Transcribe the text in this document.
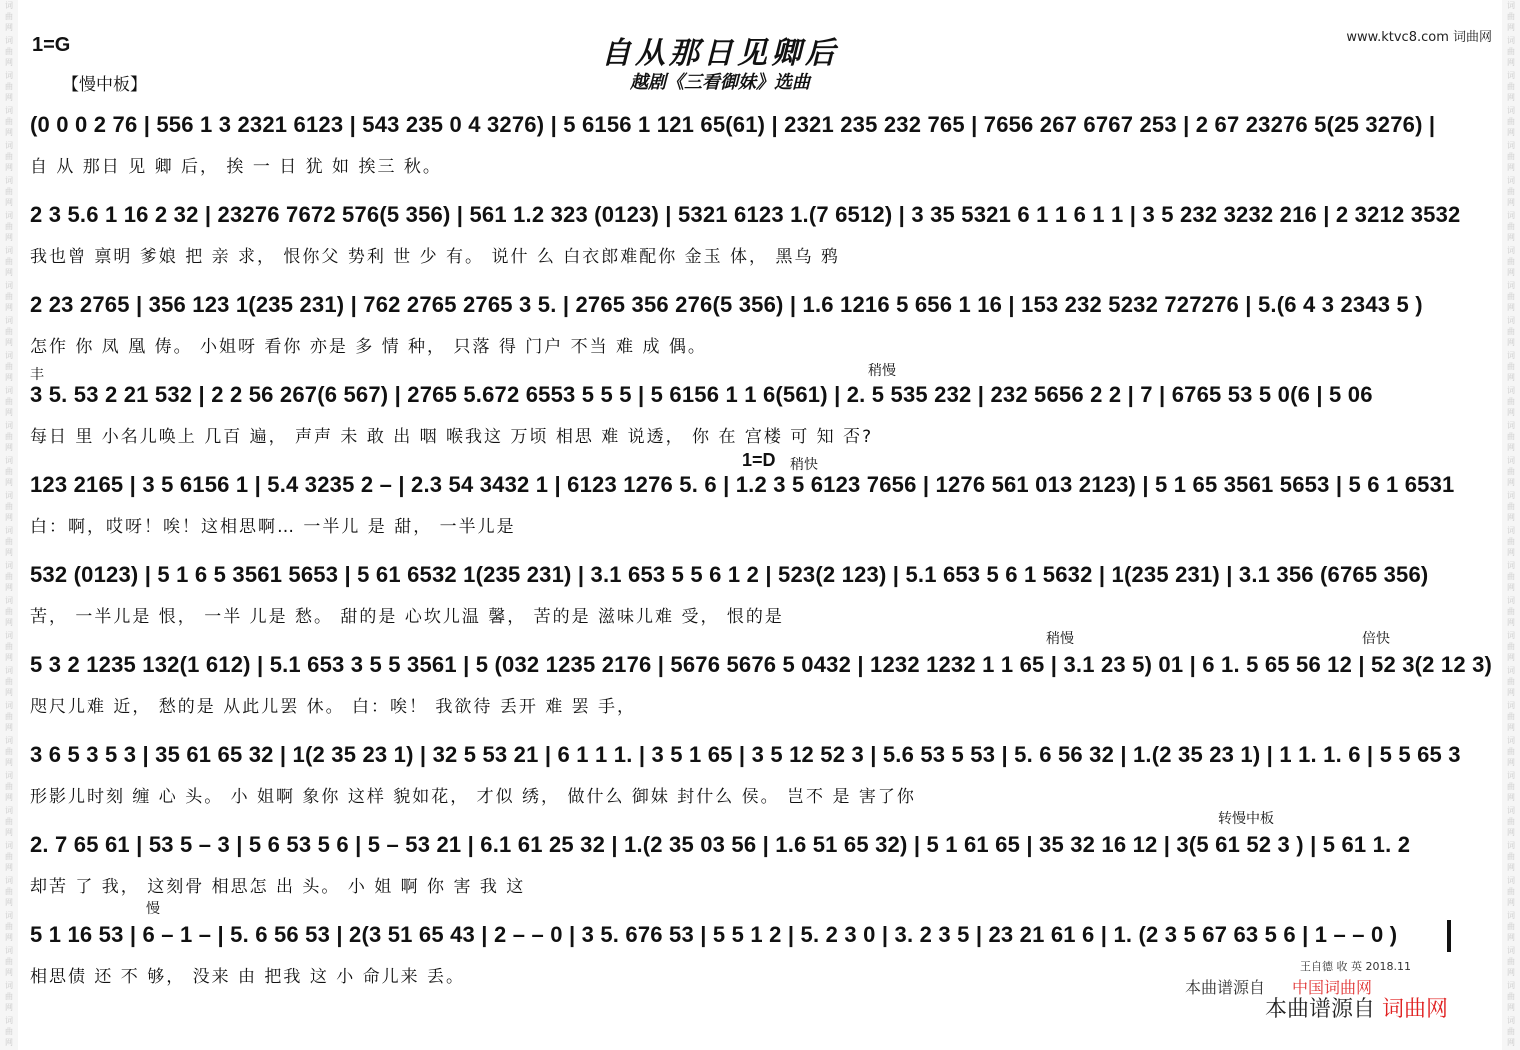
词 曲 网
词 曲 网
词 曲 网
词 曲 网
词 曲 网
词 曲 网
词 曲 网
词 曲 网
词 曲 网
词 曲 网
词 曲 网
词 曲 网
词 曲 网
词 曲 网
词 曲 网
词 曲 网
词 曲 网
词 曲 网
词 曲 网
词 曲 网
词 曲 网
词 曲 网
词 曲 网
词 曲 网
词 曲 网
词 曲 网
词 曲 网
词 曲 网
词 曲 网
词 曲 网
词 曲 网
词 曲 网
词 曲 网
词 曲 网
词 曲 网
词 曲 网
词 曲 网
词 曲 网
词 曲 网
词 曲 网
词 曲 网
词 曲 网
词 曲 网
词 曲 网
词 曲 网
词 曲 网
词 曲 网
词 曲 网
词 曲 网
词 曲 网
词 曲 网
词 曲 网
词 曲 网
词 曲 网
词 曲 网
词 曲 网
词 曲 网
词 曲 网
词 曲 网
词 曲 网
1=G
【慢中板】
自从那日见卿后
越剧《三看御妹》选曲
www.ktvc8.com 词曲网
(0 0 0 2 76 | 556 1 3 2321 6123 | 543 235 0 4 3276) | 5 6156 1 121 65(61) | 2321 235 232 765 | 7656 267 6767 253 | 2 67 23276 5(25 3276) |
自 从 那日 见 卿 后， 挨 一 日 犹 如 挨三 秋。
2 3 5.6 1 16 2 32 | 23276 7672 576(5 356) | 561 1.2 323 (0123) | 5321 6123 1.(7 6512) | 3 35 5321 6 1 1 6 1 1 | 3 5 232 3232 216 | 2 3212 3532
我也曾 禀明 爹娘 把 亲 求， 恨你父 势利 世 少 有。 说什 么 白衣郎难配你 金玉 体， 黑乌 鸦
2 23 2765 | 356 123 1(235 231) | 762 2765 2765 3 5. | 2765 356 276(5 356) | 1.6 1216 5 656 1 16 | 153 232 5232 727276 | 5.(6 4 3 2343 5 )
怎作 你 凤 凰 俦。 小姐呀 看你 亦是 多 情 种， 只落 得 门户 不当 难 成 偶。
3 5. 53 2 21 532 | 2 2 56 267(6 567) | 2765 5.672 6553 5 5 5 | 5 6156 1 1 6(561) | 2. 5 535 232 | 232 5656 2 2 | 7 | 6765 53 5 0(6 | 5 06
每日 里 小名儿唤上 几百 遍， 声声 未 敢 出 咽 喉我这 万顷 相思 难 说透， 你 在 宫楼 可 知 否?
123 2165 | 3 5 6156 1 | 5.4 3235 2 – | 2.3 54 3432 1 | 6123 1276 5. 6 | 1.2 3 5 6123 7656 | 1276 561 013 2123) | 5 1 65 3561 5653 | 5 6 1 6531
白：啊，哎呀！唉！这相思啊… 一半儿 是 甜， 一半儿是
532 (0123) | 5 1 6 5 3561 5653 | 5 61 6532 1(235 231) | 3.1 653 5 5 6 1 2 | 523(2 123) | 5.1 653 5 6 1 5632 | 1(235 231) | 3.1 356 (6765 356)
苦， 一半儿是 恨， 一半 儿是 愁。 甜的是 心坎儿温 馨， 苦的是 滋味儿难 受， 恨的是
5 3 2 1235 132(1 612) | 5.1 653 3 5 5 3561 | 5 (032 1235 2176 | 5676 5676 5 0432 | 1232 1232 1 1 65 | 3.1 23 5) 01 | 6 1. 5 65 56 12 | 52 3(2 12 3)
咫尺儿难 近， 愁的是 从此儿罢 休。 白：唉！ 我欲待 丢开 难 罢 手，
3 6 5 3 5 3 | 35 61 65 32 | 1(2 35 23 1) | 32 5 53 21 | 6 1 1 1. | 3 5 1 65 | 3 5 12 52 3 | 5.6 53 5 53 | 5. 6 56 32 | 1.(2 35 23 1) | 1 1. 1. 6 | 5 5 65 3
形影儿时刻 缠 心 头。 小 姐啊 象你 这样 貌如花， 才似 绣， 做什么 御妹 封什么 侯。 岂不 是 害了你
2. 7 65 61 | 53 5 – 3 | 5 6 53 5 6 | 5 – 53 21 | 6.1 61 25 32 | 1.(2 35 03 56 | 1.6 51 65 32) | 5 1 61 65 | 35 32 16 12 | 3(5 61 52 3 ) | 5 61 1. 2
却苦 了 我， 这刻骨 相思怎 出 头。 小 姐 啊 你 害 我 这
5 1 16 53 | 6 – 1 – | 5. 6 56 53 | 2(3 51 65 43 | 2 – – 0 | 3 5. 676 53 | 5 5 1 2 | 5. 2 3 0 | 3. 2 3 5 | 23 21 61 6 | 1. (2 3 5 67 63 5 6 | 1 – – 0 )
相思债 还 不 够， 没来 由 把我 这 小 命儿来 丢。
稍慢
丰
1=D 稍快
稍慢	倍快
转慢中板
慢
王自德 收 英 2018.11
本曲谱源自 中国词曲网
本曲谱源自 词曲网
